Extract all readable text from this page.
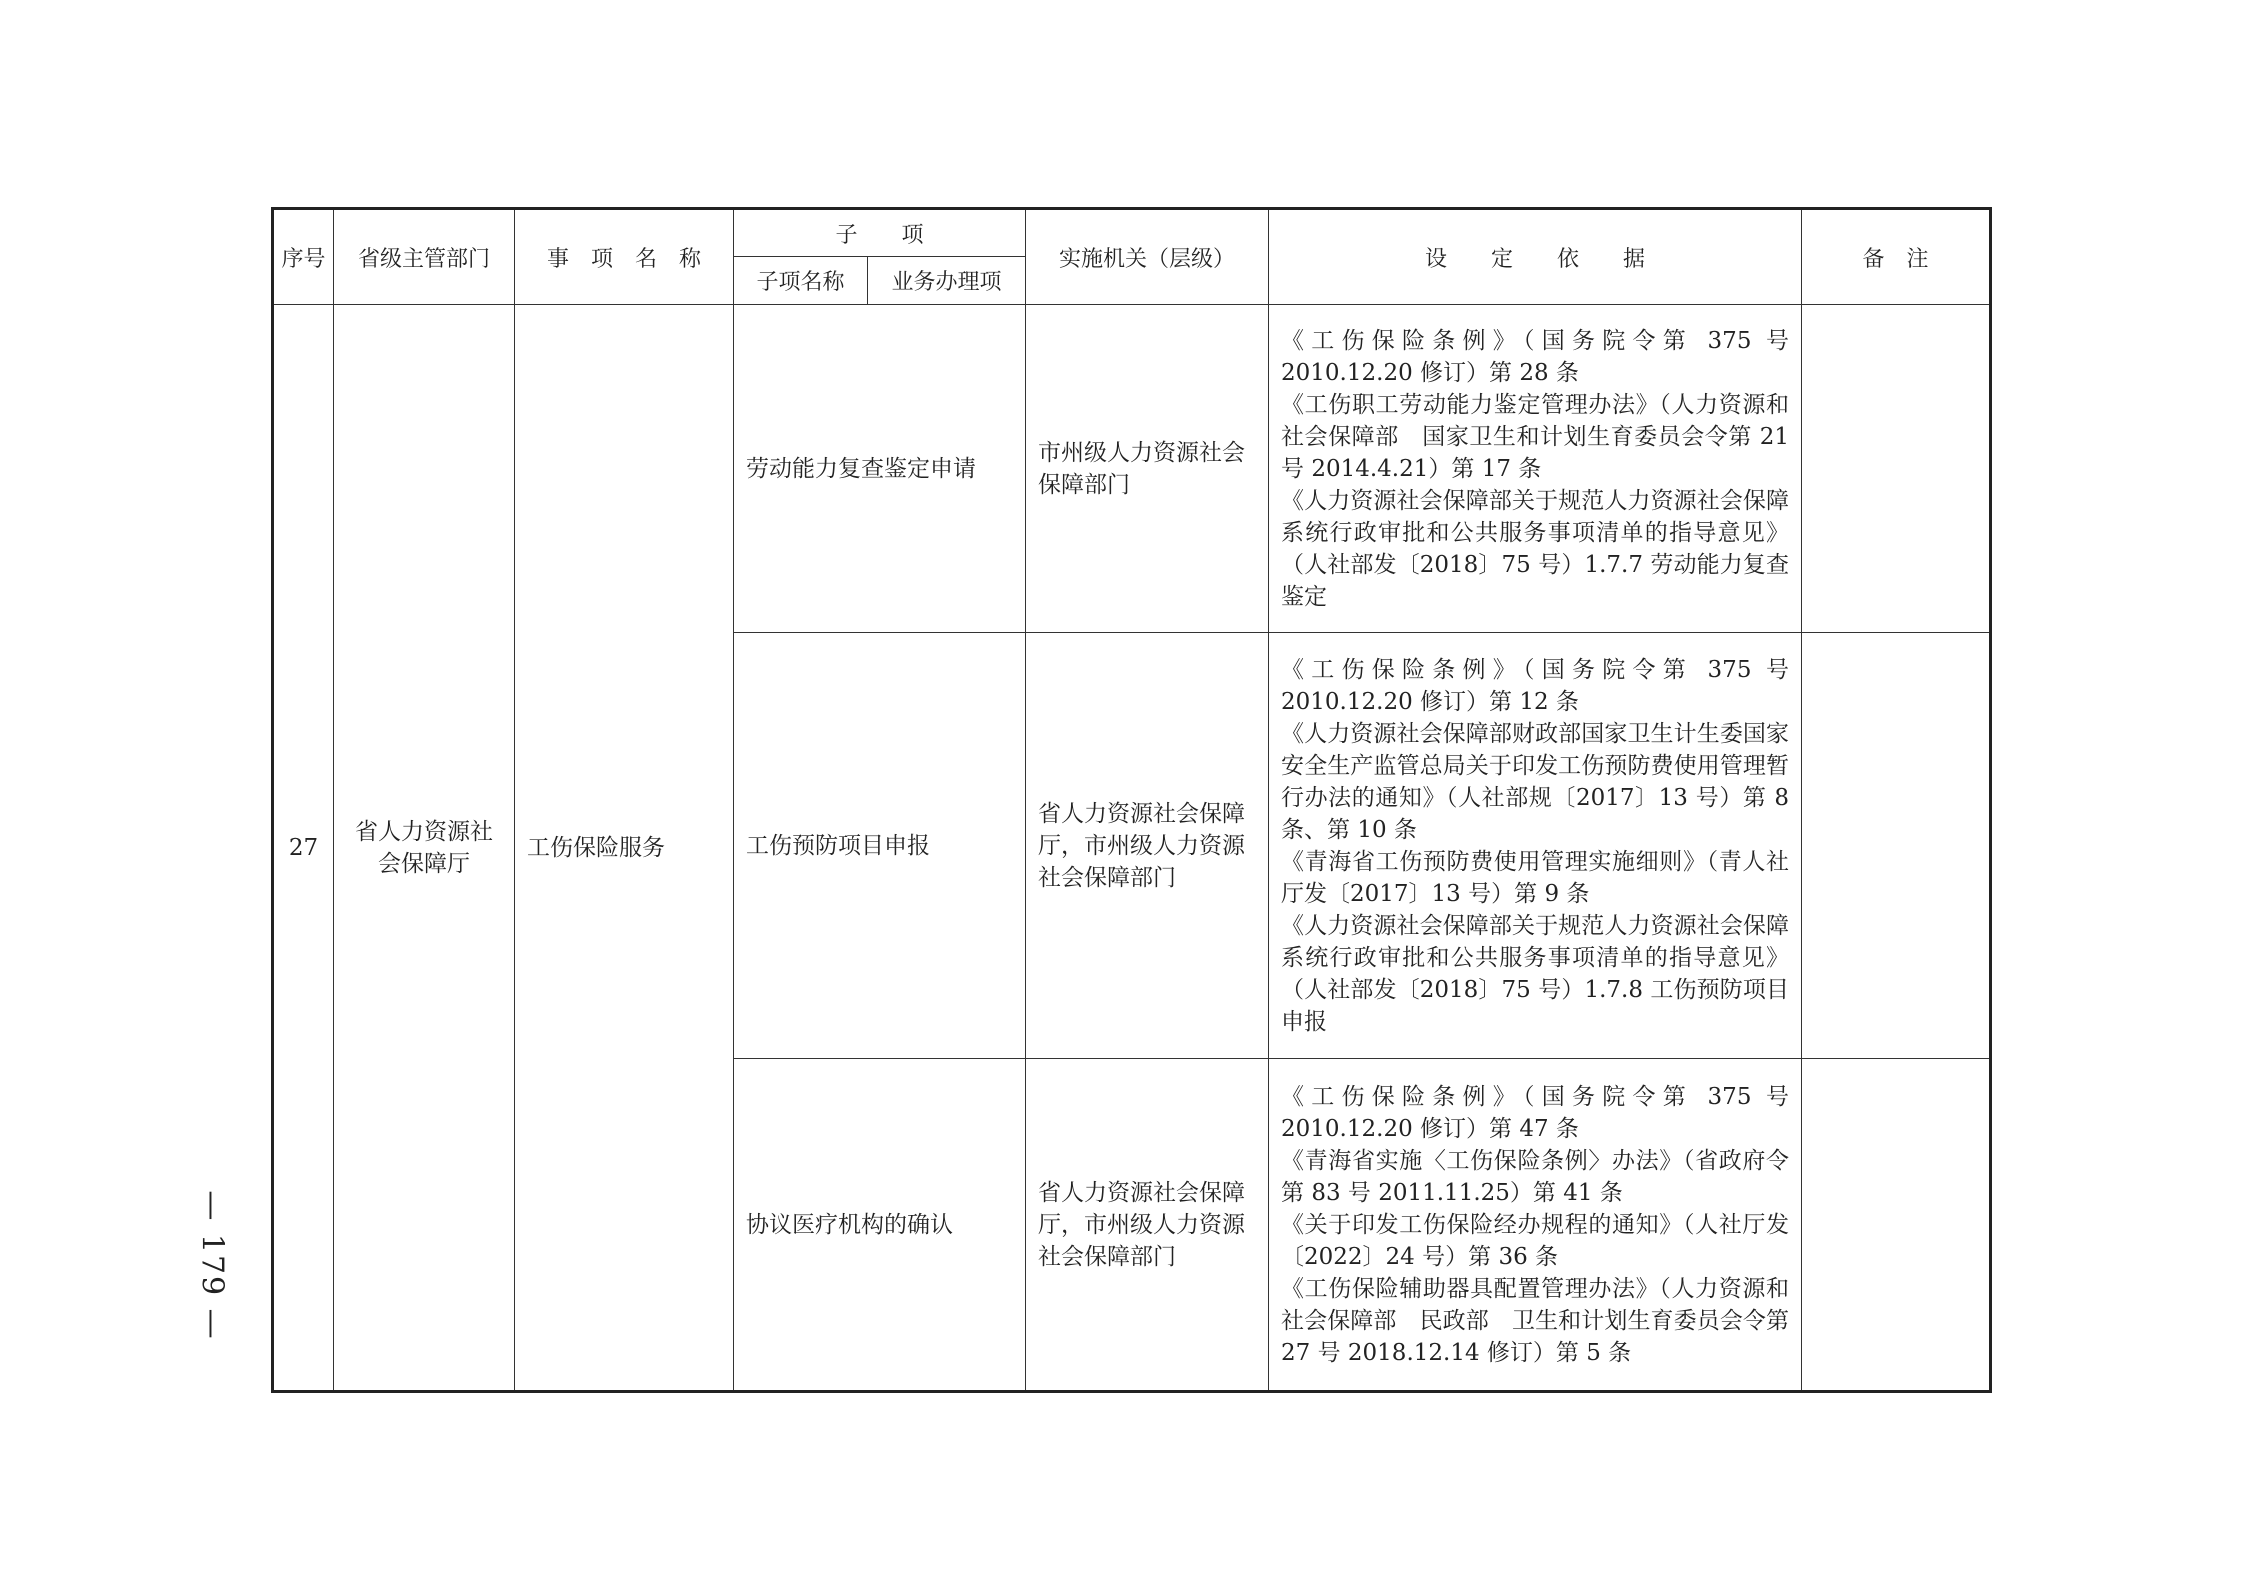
— 179 —
序号	省级主管部门	事　项　名　称	子　　项		实施机关（层级）	设　　定　　依　　据	备　注
			子项名称	业务办理项			
27	省人力资源社会保障厅	工伤保险服务	劳动能力复查鉴定申请		市州级人力资源社会保障部门	《工伤保险条例》（国务院令第 375 号 2010.12.20 修订）第 28 条
《工伤职工劳动能力鉴定管理办法》（人力资源和社会保障部　国家卫生和计划生育委员会令第 21 号 2014.4.21）第 17 条
《人力资源社会保障部关于规范人力资源社会保障系统行政审批和公共服务事项清单的指导意见》（人社部发〔2018〕75 号）1.7.7 劳动能力复查鉴定	

			工伤预防项目申报		省人力资源社会保障厅，市州级人力资源社会保障部门	《工伤保险条例》（国务院令第 375 号 2010.12.20 修订）第 12 条
《人力资源社会保障部财政部国家卫生计生委国家安全生产监管总局关于印发工伤预防费使用管理暂行办法的通知》（人社部规〔2017〕13 号）第 8 条、第 10 条
《青海省工伤预防费使用管理实施细则》（青人社厅发〔2017〕13 号）第 9 条
《人力资源社会保障部关于规范人力资源社会保障系统行政审批和公共服务事项清单的指导意见》（人社部发〔2018〕75 号）1.7.8 工伤预防项目申报	

			协议医疗机构的确认		省人力资源社会保障厅，市州级人力资源社会保障部门	《工伤保险条例》（国务院令第 375 号 2010.12.20 修订）第 47 条
《青海省实施〈工伤保险条例〉办法》（省政府令第 83 号 2011.11.25）第 41 条
《关于印发工伤保险经办规程的通知》（人社厅发〔2022〕24 号）第 36 条
《工伤保险辅助器具配置管理办法》（人力资源和社会保障部　民政部　卫生和计划生育委员会令第 27 号 2018.12.14 修订）第 5 条	
